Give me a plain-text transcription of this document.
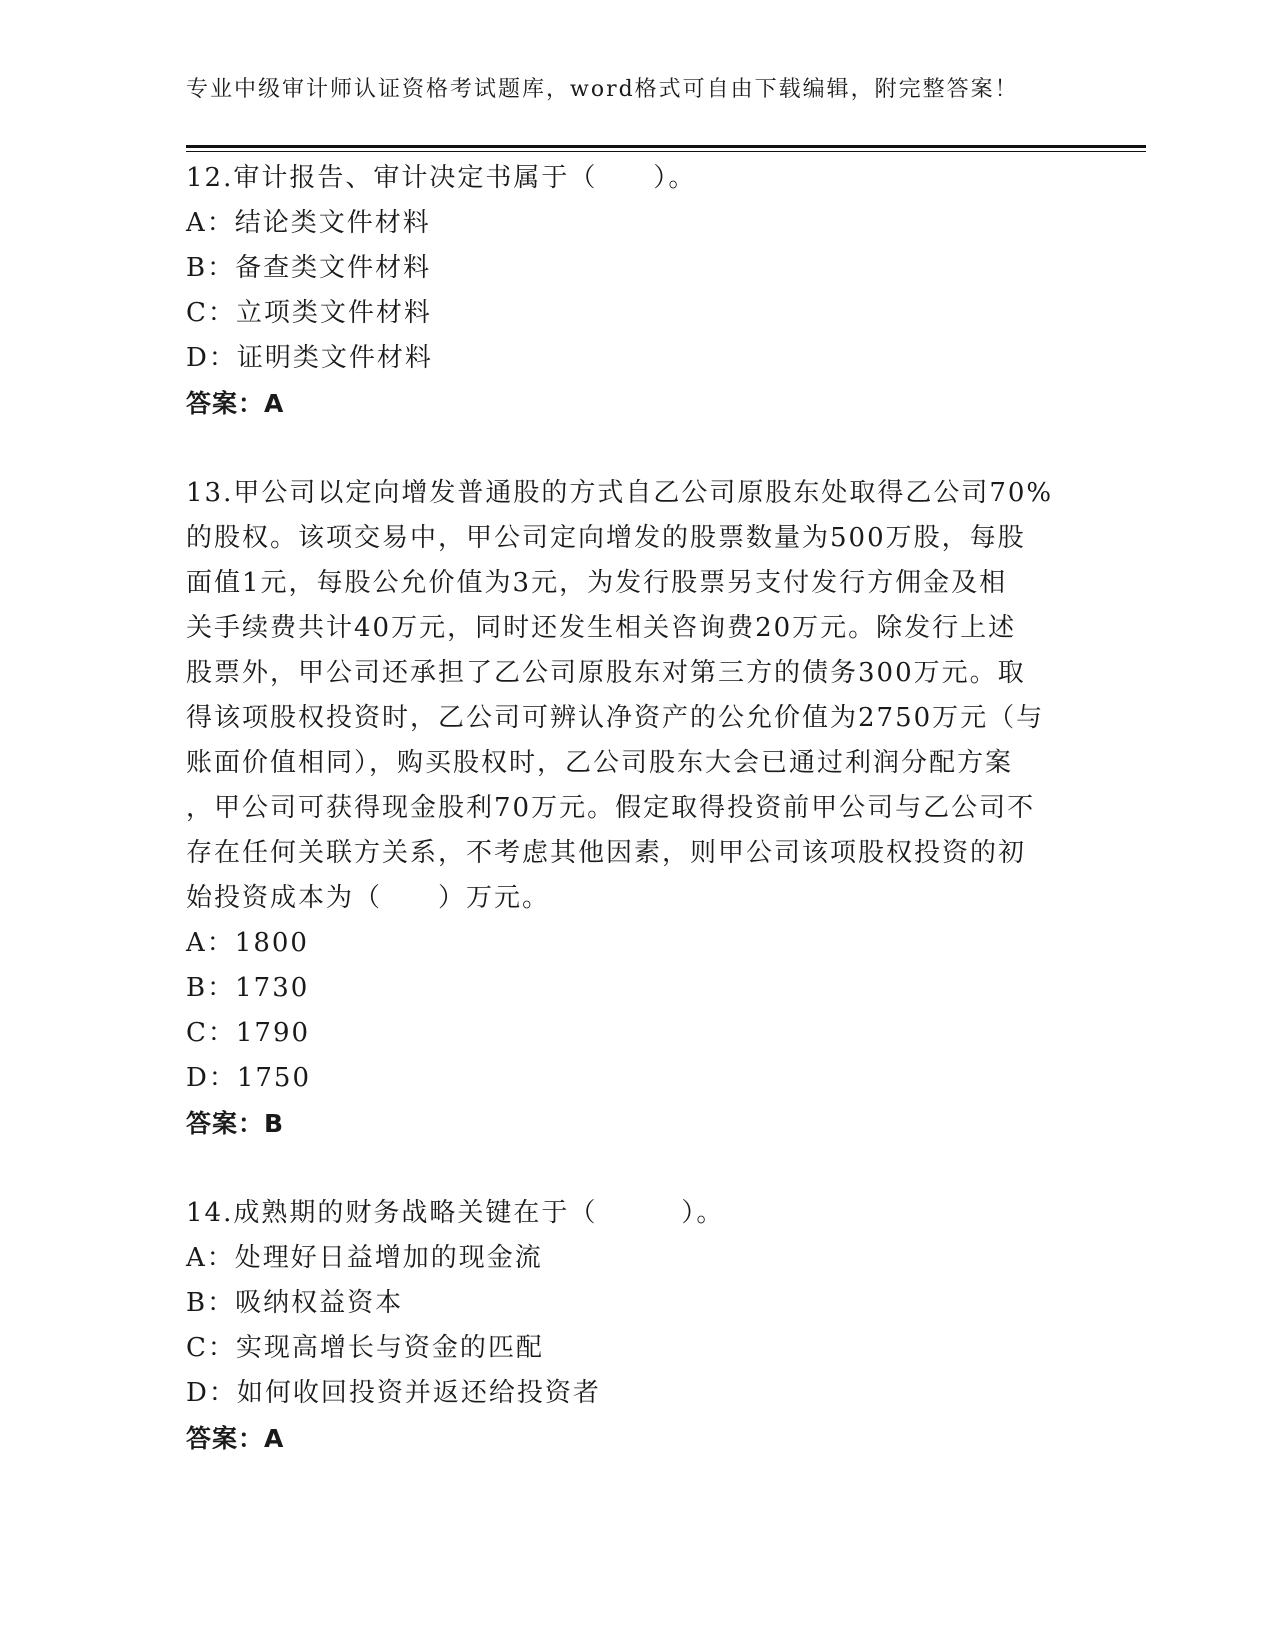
专业中级审计师认证资格考试题库，word格式可自由下载编辑，附完整答案！
12.审计报告、审计决定书属于（　　）。
A：结论类文件材料
B：备查类文件材料
C：立项类文件材料
D：证明类文件材料
答案：A
13.甲公司以定向增发普通股的方式自乙公司原股东处取得乙公司70%
的股权。该项交易中，甲公司定向增发的股票数量为500万股，每股
面值1元，每股公允价值为3元，为发行股票另支付发行方佣金及相
关手续费共计40万元，同时还发生相关咨询费20万元。除发行上述
股票外，甲公司还承担了乙公司原股东对第三方的债务300万元。取
得该项股权投资时，乙公司可辨认净资产的公允价值为2750万元（与
账面价值相同），购买股权时，乙公司股东大会已通过利润分配方案
，甲公司可获得现金股利70万元。假定取得投资前甲公司与乙公司不
存在任何关联方关系，不考虑其他因素，则甲公司该项股权投资的初
始投资成本为（　　）万元。
A：1800
B：1730
C：1790
D：1750
答案：B
14.成熟期的财务战略关键在于（　　　）。
A：处理好日益增加的现金流
B：吸纳权益资本
C：实现高增长与资金的匹配
D：如何收回投资并返还给投资者
答案：A
